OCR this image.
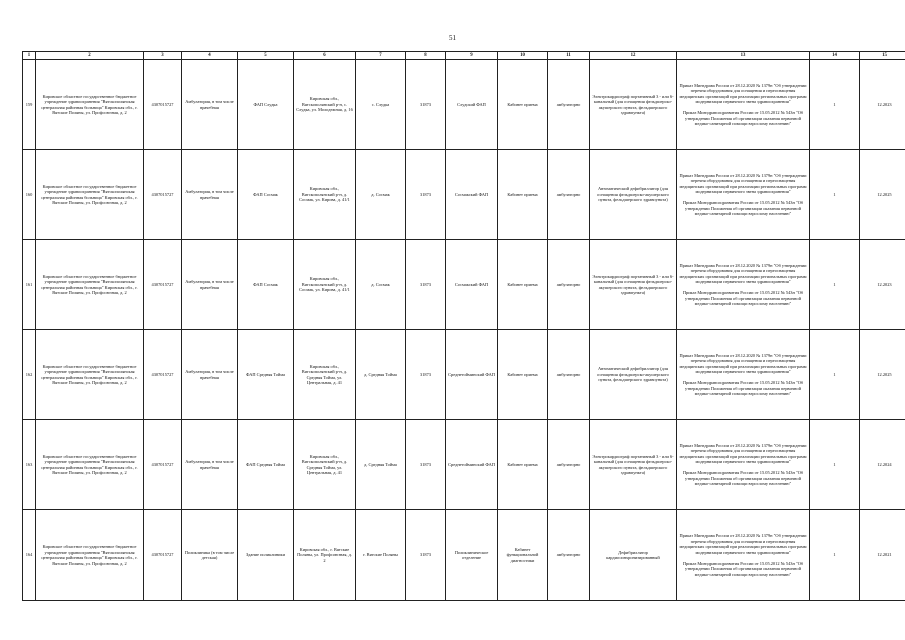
51
1	2	3	4	5	6	7	8	9	10	11	12	13	14	15
159	Кировское областное государственное бюджетное учреждение здравоохранения "Вятскополянская центральная районная больница" Кировская обл., г. Вятские Поляны, ул. Профсоюзная, д. 2	4307015727	Амбулатория, в том числе врачебная	ФАП Слудка	Кировская обл., Вятскополянский р-н, с. Слудка, ул. Молодежная, д. 16	с. Слудка	31873	Слудский ФАП	Кабинет приема	амбулаторно	Электрокардиограф портативный 3 - или 6-канальный (для оснащения фельдшерско-акушерского пункта, фельдшерского здравпункта)	Приказ Минздрава России от 28.12.2020 № 1379н "Об утверждении перечня оборудования для оснащения и переоснащения медицинских организаций при реализации региональных программ модернизации первичного звена здравоохранения"

Приказ Минздравсоцразвития России от 15.05.2012 № 543н "Об утверждении Положения об организации оказания первичной медико-санитарной помощи взрослому населению"	1	12.2023
160	Кировское областное государственное бюджетное учреждение здравоохранения "Вятскополянская центральная районная больница" Кировская обл., г. Вятские Поляны, ул. Профсоюзная, д. 2	4307015727	Амбулатория, в том числе врачебная	ФАП Сосмак	Кировская обл., Вятскополянский р-н, д. Сосмак, ул. Кирова, д. 41/1	д. Сосмак	31873	Сосмакский ФАП	Кабинет приема	амбулаторно	Автоматический дефибриллятор (для оснащения фельдшерско-акушерского пункта, фельдшерского здравпункта)	Приказ Минздрава России от 28.12.2020 № 1379н "Об утверждении перечня оборудования для оснащения и переоснащения медицинских организаций при реализации региональных программ модернизации первичного звена здравоохранения"

Приказ Минздравсоцразвития России от 15.05.2012 № 543н "Об утверждении Положения об организации оказания первичной медико-санитарной помощи взрослому населению"	1	12.2025
161	Кировское областное государственное бюджетное учреждение здравоохранения "Вятскополянская центральная районная больница" Кировская обл., г. Вятские Поляны, ул. Профсоюзная, д. 2	4307015727	Амбулатория, в том числе врачебная	ФАП Сосмак	Кировская обл., Вятскополянский р-н, д. Сосмак, ул. Кирова, д. 41/1	д. Сосмак	31873	Сосмакский ФАП	Кабинет приема	амбулаторно	Электрокардиограф портативный 3 - или 6-канальный (для оснащения фельдшерско-акушерского пункта, фельдшерского здравпункта)	Приказ Минздрава России от 28.12.2020 № 1379н "Об утверждении перечня оборудования для оснащения и переоснащения медицинских организаций при реализации региональных программ модернизации первичного звена здравоохранения"

Приказ Минздравсоцразвития России от 15.05.2012 № 543н "Об утверждении Положения об организации оказания первичной медико-санитарной помощи взрослому населению"	1	12.2023
162	Кировское областное государственное бюджетное учреждение здравоохранения "Вятскополянская центральная районная больница" Кировская обл., г. Вятские Поляны, ул. Профсоюзная, д. 2	4307015727	Амбулатория, в том числе врачебная	ФАП Средняя Тойма	Кировская обл., Вятскополянский р-н, д. Средняя Тойма, ул. Центральная, д. 41	д. Средняя Тойма	31873	Среднетойминский ФАП	Кабинет приема	амбулаторно	Автоматический дефибриллятор (для оснащения фельдшерско-акушерского пункта, фельдшерского здравпункта)	Приказ Минздрава России от 28.12.2020 № 1379н "Об утверждении перечня оборудования для оснащения и переоснащения медицинских организаций при реализации региональных программ модернизации первичного звена здравоохранения"

Приказ Минздравсоцразвития России от 15.05.2012 № 543н "Об утверждении Положения об организации оказания первичной медико-санитарной помощи взрослому населению"	1	12.2025
163	Кировское областное государственное бюджетное учреждение здравоохранения "Вятскополянская центральная районная больница" Кировская обл., г. Вятские Поляны, ул. Профсоюзная, д. 2	4307015727	Амбулатория, в том числе врачебная	ФАП Средняя Тойма	Кировская обл., Вятскополянский р-н, д. Средняя Тойма, ул. Центральная, д. 41	д. Средняя Тойма	31873	Среднетойминский ФАП	Кабинет приема	амбулаторно	Электрокардиограф портативный 3 - или 6-канальный (для оснащения фельдшерско-акушерского пункта, фельдшерского здравпункта)	Приказ Минздрава России от 28.12.2020 № 1379н "Об утверждении перечня оборудования для оснащения и переоснащения медицинских организаций при реализации региональных программ модернизации первичного звена здравоохранения"

Приказ Минздравсоцразвития России от 15.05.2012 № 543н "Об утверждении Положения об организации оказания первичной медико-санитарной помощи взрослому населению"	1	12.2024
164	Кировское областное государственное бюджетное учреждение здравоохранения "Вятскополянская центральная районная больница" Кировская обл., г. Вятские Поляны, ул. Профсоюзная, д. 2	4307015727	Поликлиника (в том числе детская)	Здание поликлиники	Кировская обл., г. Вятские Поляны, ул. Профсоюзная, д. 2	г. Вятские Поляны	31873	Поликлиническое отделение	Кабинет функциональной диагностики	амбулаторно	Дефибриллятор кардиосинхронизированный	Приказ Минздрава России от 28.12.2020 № 1379н "Об утверждении перечня оборудования для оснащения и переоснащения медицинских организаций при реализации региональных программ модернизации первичного звена здравоохранения"

Приказ Минздравсоцразвития России от 15.05.2012 № 543н "Об утверждении Положения об организации оказания первичной медико-санитарной помощи взрослому населению"	1	12.2021
